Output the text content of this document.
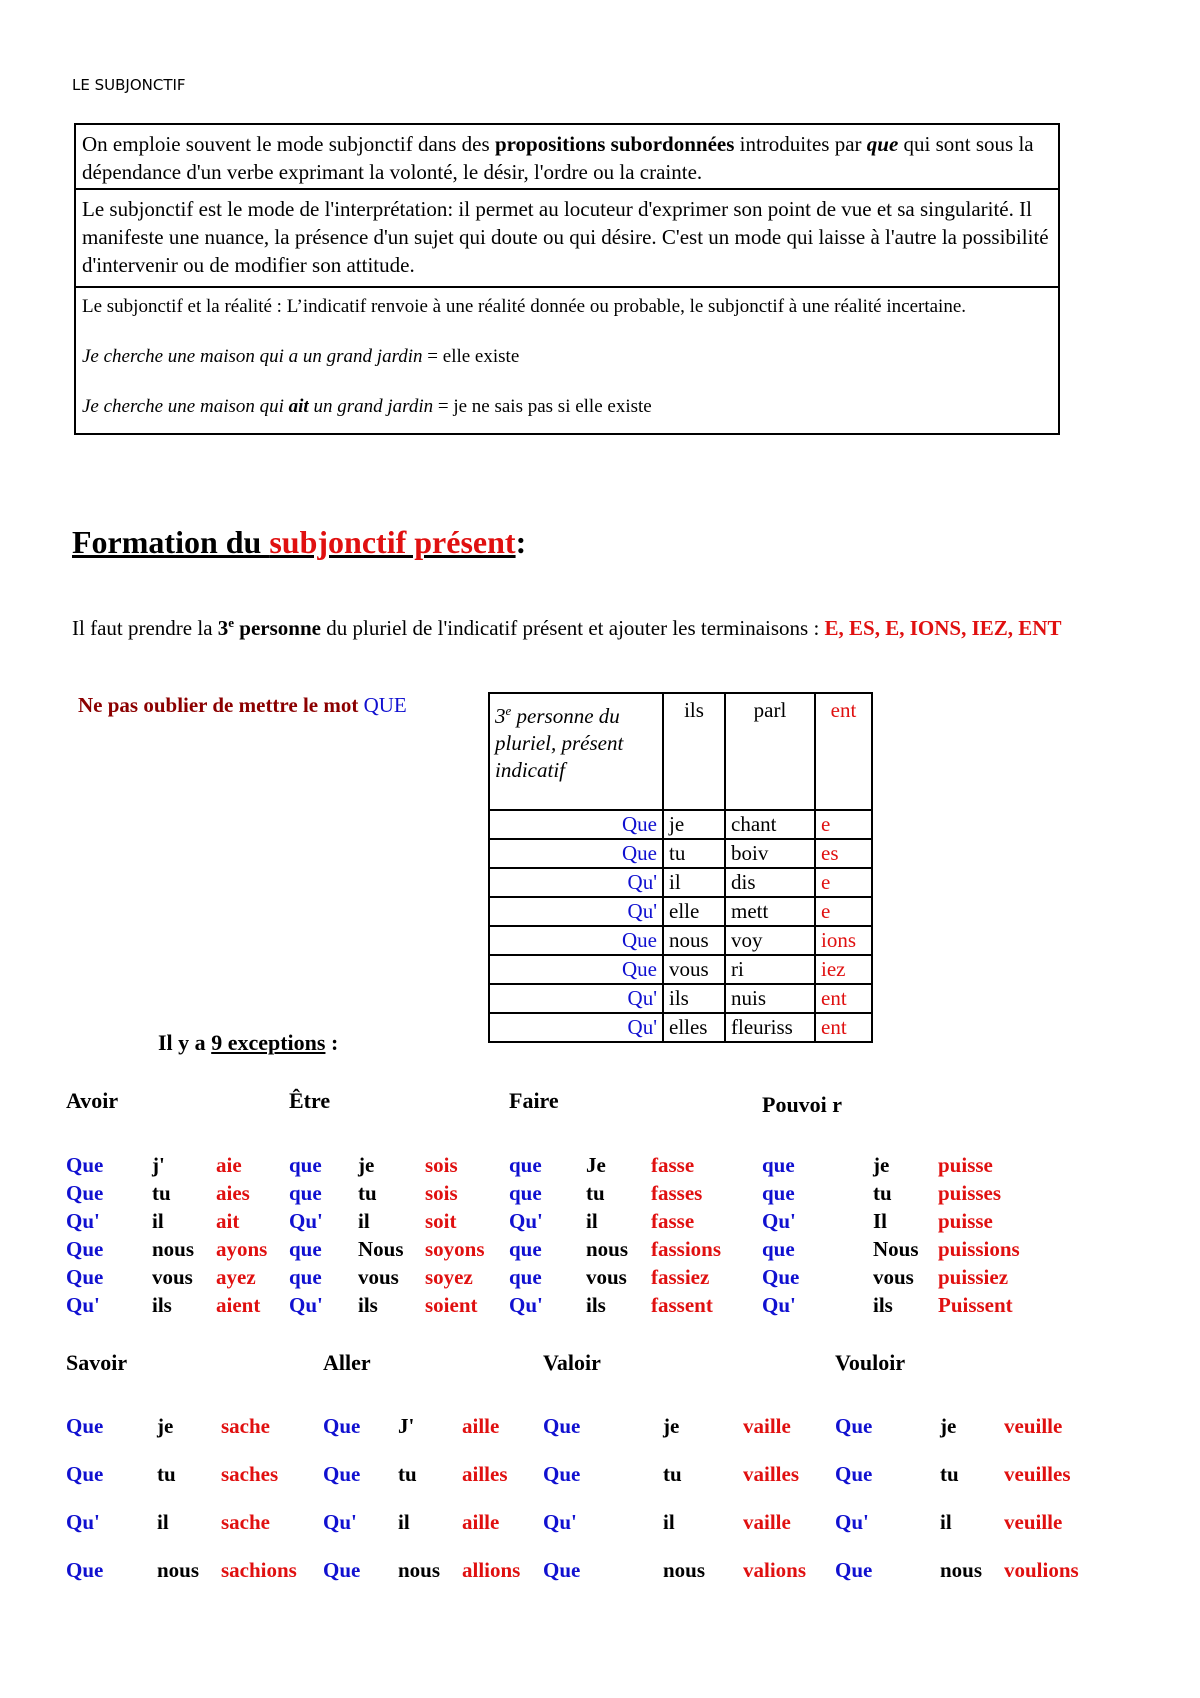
LE SUBJONCTIF
On emploie souvent le mode subjonctif dans des propositions subordonnées introduites par que qui sont sous la dépendance d'un verbe exprimant la volonté, le désir, l'ordre ou la crainte.
Le subjonctif est le mode de l'interprétation: il permet au locuteur d'exprimer son point de vue et sa singularité. Il manifeste une nuance, la présence d'un sujet qui doute ou qui désire. C'est un mode qui laisse à l'autre la possibilité d'intervenir ou de modifier son attitude.

Le subjonctif et la réalité : L’indicatif renvoie à une réalité donnée ou probable, le subjonctif à une réalité incertaine.

Je cherche une maison qui a un grand jardin = elle existe

Je cherche une maison qui ait un grand jardin = je ne sais pas si elle existe

Formation du subjonctif présent:
Il faut prendre la 3e personne du pluriel de l'indicatif présent et ajouter les terminaisons : E, ES, E, IONS, IEZ, ENT
Ne pas oublier de mettre le mot QUE	3e personne du pluriel, présent indicatif	ils	parl	ent
Que	je	chant	e
Que	tu	boiv	es
Qu'	il	dis	e
Qu'	elle	mett	e
Que	nous	voy	ions
Que	vous	ri	iez
Qu'	ils	nuis	ent
Qu'	elles	fleuriss	ent
Il y a 9 exceptions :
Avoir
Que j' aie
Que tu aies
Qu' il ait
Que nous ayons
Que vous ayez
Qu' ils aient
Être
que je sois
que tu sois
Qu' il	soit
que Nous soyons
que vous soyez
Qu' ils soient
Faire
que Je fasse
que tu fasses
Qu' il	fasse
que nous fassions
que vous fassiez
Qu' ils fassent
Pouvoi r
que	je puisse
que	tu puisses
Qu'	Il puisse
que	Nous puissions
Que	vous puissiez
Qu'	ils Puissent
Savoir
Que	je sache
Que	tu saches
Qu'	il sache
Que	nous sachions
Aller
Que J' aille
Que tu ailles
Qu' il aille
Que nous allions
Valoir
Que	je	vaille
Que	tu	vailles
Qu'	il	vaille
Que	nous valions
Vouloir
Que	je veuille
Que	tu veuilles
Qu'	il veuille
Que	nous voulions
